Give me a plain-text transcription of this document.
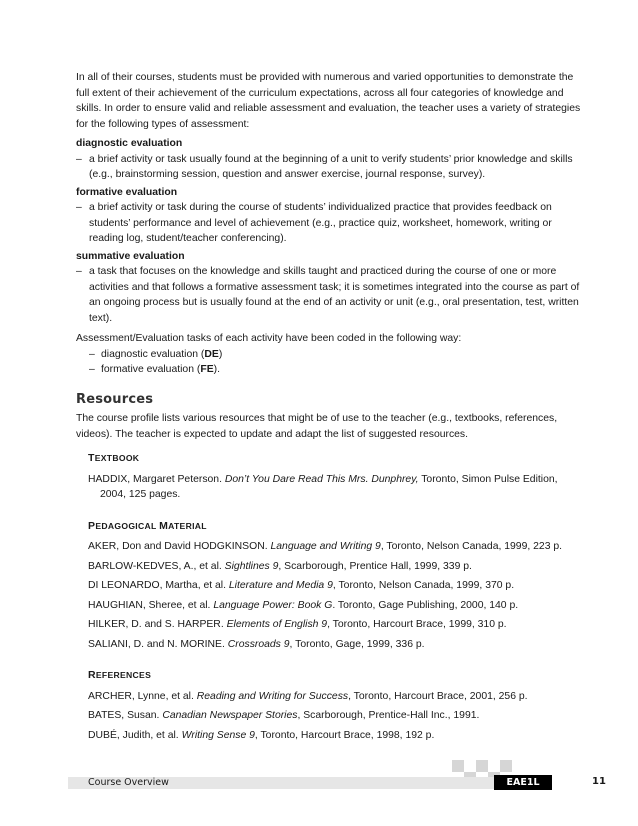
In all of their courses, students must be provided with numerous and varied opportunities to demonstrate the full extent of their achievement of the curriculum expectations, across all four categories of knowledge and skills. In order to ensure valid and reliable assessment and evaluation, the teacher uses a variety of strategies for the following types of assessment:

diagnostic evaluation

– a brief activity or task usually found at the beginning of a unit to verify students’ prior knowledge and skills (e.g., brainstorming session, question and answer exercise, journal response, survey).

formative evaluation

– a brief activity or task during the course of students’ individualized practice that provides feedback on students’ performance and level of achievement (e.g., practice quiz, worksheet, homework, writing or reading log, student/teacher conferencing).

summative evaluation

– a task that focuses on the knowledge and skills taught and practiced during the course of one or more activities and that follows a formative assessment task; it is sometimes integrated into the course as part of an ongoing process but is usually found at the end of an activity or unit (e.g., oral presentation, test, written text).

Assessment/Evaluation tasks of each activity have been coded in the following way:

– diagnostic evaluation (DE)

– formative evaluation (FE).

Resources

The course profile lists various resources that might be of use to the teacher (e.g., textbooks, references, videos). The teacher is expected to update and adapt the list of suggested resources.

TEXTBOOK

HADDIX, Margaret Peterson. Don’t You Dare Read This Mrs. Dunphrey, Toronto, Simon Pulse Edition, 2004, 125 pages.

PEDAGOGICAL MATERIAL

AKER, Don and David HODGKINSON. Language and Writing 9, Toronto, Nelson Canada, 1999, 223 p.

BARLOW-KEDVES, A., et al. Sightlines 9, Scarborough, Prentice Hall, 1999, 339 p.

DI LEONARDO, Martha, et al. Literature and Media 9, Toronto, Nelson Canada, 1999, 370 p.

HAUGHIAN, Sheree, et al. Language Power: Book G. Toronto, Gage Publishing, 2000, 140 p.

HILKER, D. and S. HARPER. Elements of English 9, Toronto, Harcourt Brace, 1999, 310 p.

SALIANI, D. and N. MORINE. Crossroads 9, Toronto, Gage, 1999, 336 p.

REFERENCES

ARCHER, Lynne, et al. Reading and Writing for Success, Toronto, Harcourt Brace, 2001, 256 p.

BATES, Susan. Canadian Newspaper Stories, Scarborough, Prentice-Hall Inc., 1991.

DUBÉ, Judith, et al. Writing Sense 9, Toronto, Harcourt Brace, 1998, 192 p.

Course Overview	EAE1L	11
